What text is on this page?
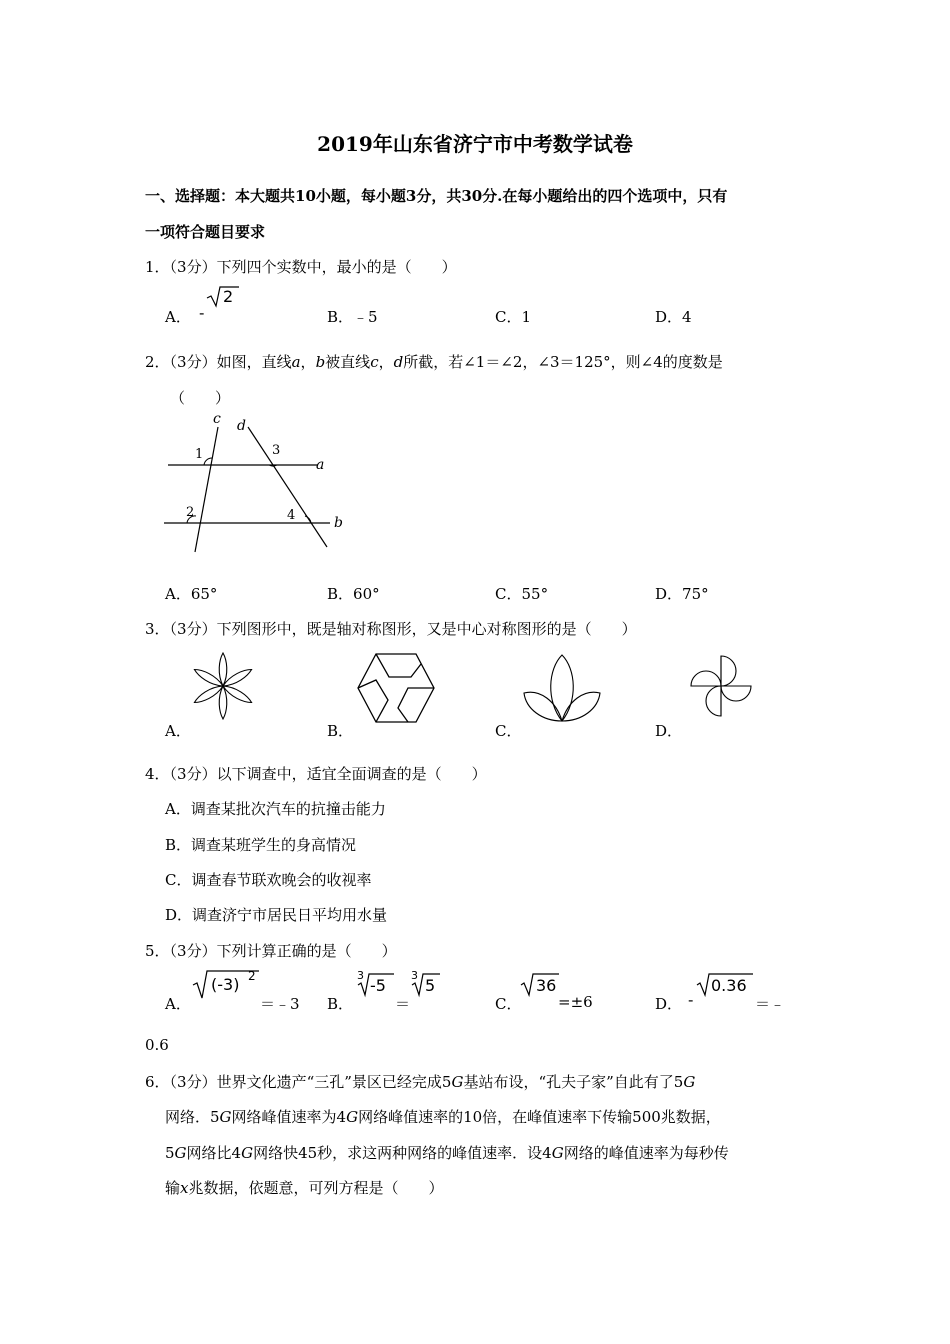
2019年山东省济宁市中考数学试卷
一、选择题：本大题共10小题，每小题3分，共30分.在每小题给出的四个选项中，只有
一项符合题目要求
1．（3分）下列四个实数中，最小的是（　　）
A． -
2
B．﹣5	C．1	D．4
2．（3分）如图，直线a，b被直线c，d所截，若∠1＝∠2，∠3＝125°，则∠4的度数是
（　　）
c d
a
b
1
2
3
4
A．65°	B．60°	C．55°	D．75°
3．（3分）下列图形中，既是轴对称图形，又是中心对称图形的是（　　）
A．	B．	C．	D．
4．（3分）以下调查中，适宜全面调查的是（　　）
A．调查某批次汽车的抗撞击能力
B．调查某班学生的身高情况
C．调查春节联欢晚会的收视率
D．调查济宁市居民日平均用水量
5．（3分）下列计算正确的是（　　）
A．
(-3) 2
＝﹣3 B．
3
-5
＝
3
5
C．
36
=±6	D． -
0.36
＝﹣
0.6
6．（3分）世界文化遗产“三孔”景区已经完成5G基站布设，“孔夫子家”自此有了5G
网络．5G网络峰值速率为4G网络峰值速率的10倍，在峰值速率下传输500兆数据，
5G网络比4G网络快45秒，求这两种网络的峰值速率．设4G网络的峰值速率为每秒传
输x兆数据，依题意，可列方程是（　　）
